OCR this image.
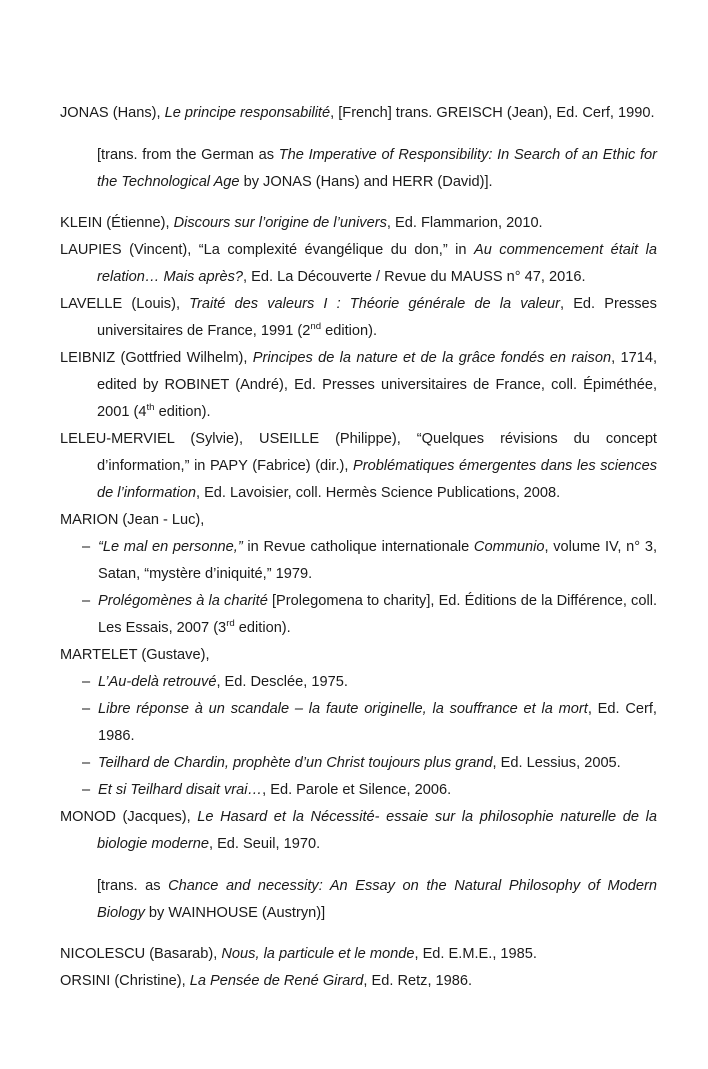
JONAS (Hans), Le principe responsabilité, [French] trans. GREISCH (Jean), Ed. Cerf, 1990.

[trans. from the German as The Imperative of Responsibility: In Search of an Ethic for the Technological Age by JONAS (Hans) and HERR (David)].

KLEIN (Étienne), Discours sur l’origine de l’univers, Ed. Flammarion, 2010.

LAUPIES (Vincent), “La complexité évangélique du don,” in Au commencement était la relation… Mais après?, Ed. La Découverte / Revue du MAUSS n° 47, 2016.

LAVELLE (Louis), Traité des valeurs I : Théorie générale de la valeur, Ed. Presses universitaires de France, 1991 (2nd edition).

LEIBNIZ (Gottfried Wilhelm), Principes de la nature et de la grâce fondés en raison, 1714, edited by ROBINET (André), Ed. Presses universitaires de France, coll. Épiméthée, 2001 (4th edition).

LELEU-MERVIEL (Sylvie), USEILLE (Philippe), “Quelques révisions du concept d’information,” in PAPY (Fabrice) (dir.), Problématiques émergentes dans les sciences de l’information, Ed. Lavoisier, coll. Hermès Science Publications, 2008.

MARION (Jean - Luc),

– “Le mal en personne,” in Revue catholique internationale Communio, volume IV, n° 3, Satan, “mystère d’iniquité,” 1979.
– Prolégomènes à la charité [Prolegomena to charity], Ed. Éditions de la Différence, coll. Les Essais, 2007 (3rd edition).

MARTELET (Gustave),

– L’Au-delà retrouvé, Ed. Desclée, 1975.
– Libre réponse à un scandale – la faute originelle, la souffrance et la mort, Ed. Cerf, 1986.
– Teilhard de Chardin, prophète d’un Christ toujours plus grand, Ed. Lessius, 2005.
– Et si Teilhard disait vrai…, Ed. Parole et Silence, 2006.

MONOD (Jacques), Le Hasard et la Nécessité- essaie sur la philosophie naturelle de la biologie moderne, Ed. Seuil, 1970.

[trans. as Chance and necessity: An Essay on the Natural Philosophy of Modern Biology by WAINHOUSE (Austryn)]

NICOLESCU (Basarab), Nous, la particule et le monde, Ed. E.M.E., 1985.

ORSINI (Christine), La Pensée de René Girard, Ed. Retz, 1986.
